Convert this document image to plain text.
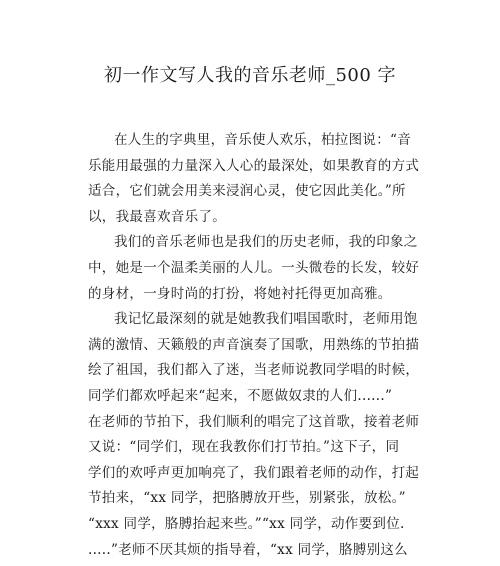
初一作文写人我的音乐老师_500 字
在人生的字典里，音乐使人欢乐，柏拉图说：“音
乐能用最强的力量深入人心的最深处，如果教育的方式
适合，它们就会用美来浸润心灵，使它因此美化。”所
以，我最喜欢音乐了。
我们的音乐老师也是我们的历史老师，我的印象之
中，她是一个温柔美丽的人儿。一头微卷的长发，较好
的身材，一身时尚的打扮，将她衬托得更加高雅。
我记忆最深刻的就是她教我们唱国歌时，老师用饱
满的激情、天籁般的声音演奏了国歌，用熟练的节拍描
绘了祖国，我们都入了迷，当老师说教同学唱的时候，
同学们都欢呼起来“起来，不愿做奴隶的人们......”
在老师的节拍下，我们顺利的唱完了这首歌，接着老师
又说：“同学们，现在我教你们打节拍。”这下子，同
学们的欢呼声更加响亮了，我们跟着老师的动作，打起
节拍来，“xx 同学，把胳膊放开些，别紧张，放松。”
“xxx 同学，胳膊抬起来些。”“xx 同学，动作要到位.
.....”老师不厌其烦的指导着，“xx 同学，胳膊别这么
